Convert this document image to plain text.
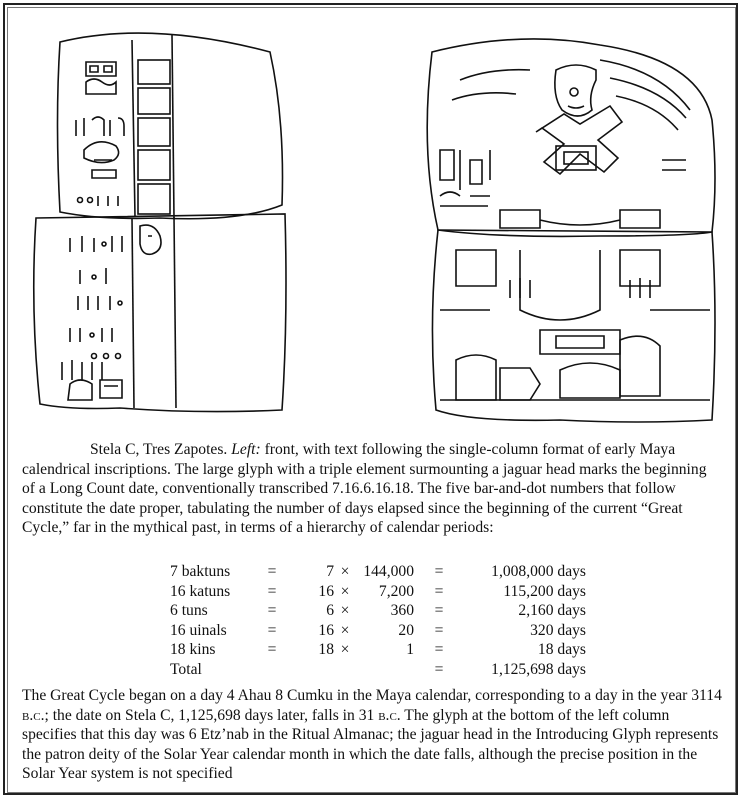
Stela C, Tres Zapotes. Left: front, with text following the single-column format of early Maya calendrical inscriptions. The large glyph with a triple element surmounting a jaguar head marks the beginning of a Long Count date, conventionally transcribed 7.16.6.16.18. The five bar-and-dot numbers that follow constitute the date proper, tabulating the number of days elapsed since the beginning of the current “Great Cycle,” far in the mythical past, in terms of a hierarchy of calendar periods:

7 baktuns	=	7	×	144,000	=	1,008,000 days
16 katuns	=	16	×	7,200	=	115,200 days
6 tuns	=	6	×	360	=	2,160 days
16 uinals	=	16	×	20	=	320 days
18 kins	=	18	×	1	=	18 days
Total					=	1,125,698 days

The Great Cycle began on a day 4 Ahau 8 Cumku in the Maya calendar, corresponding to a day in the year 3114 b.c.; the date on Stela C, 1,125,698 days later, falls in 31 b.c. The glyph at the bottom of the left column specifies that this day was 6 Etz’nab in the Ritual Almanac; the jaguar head in the Introducing Glyph represents the patron deity of the Solar Year calendar month in which the date falls, although the precise position in the Solar Year system is not specified
